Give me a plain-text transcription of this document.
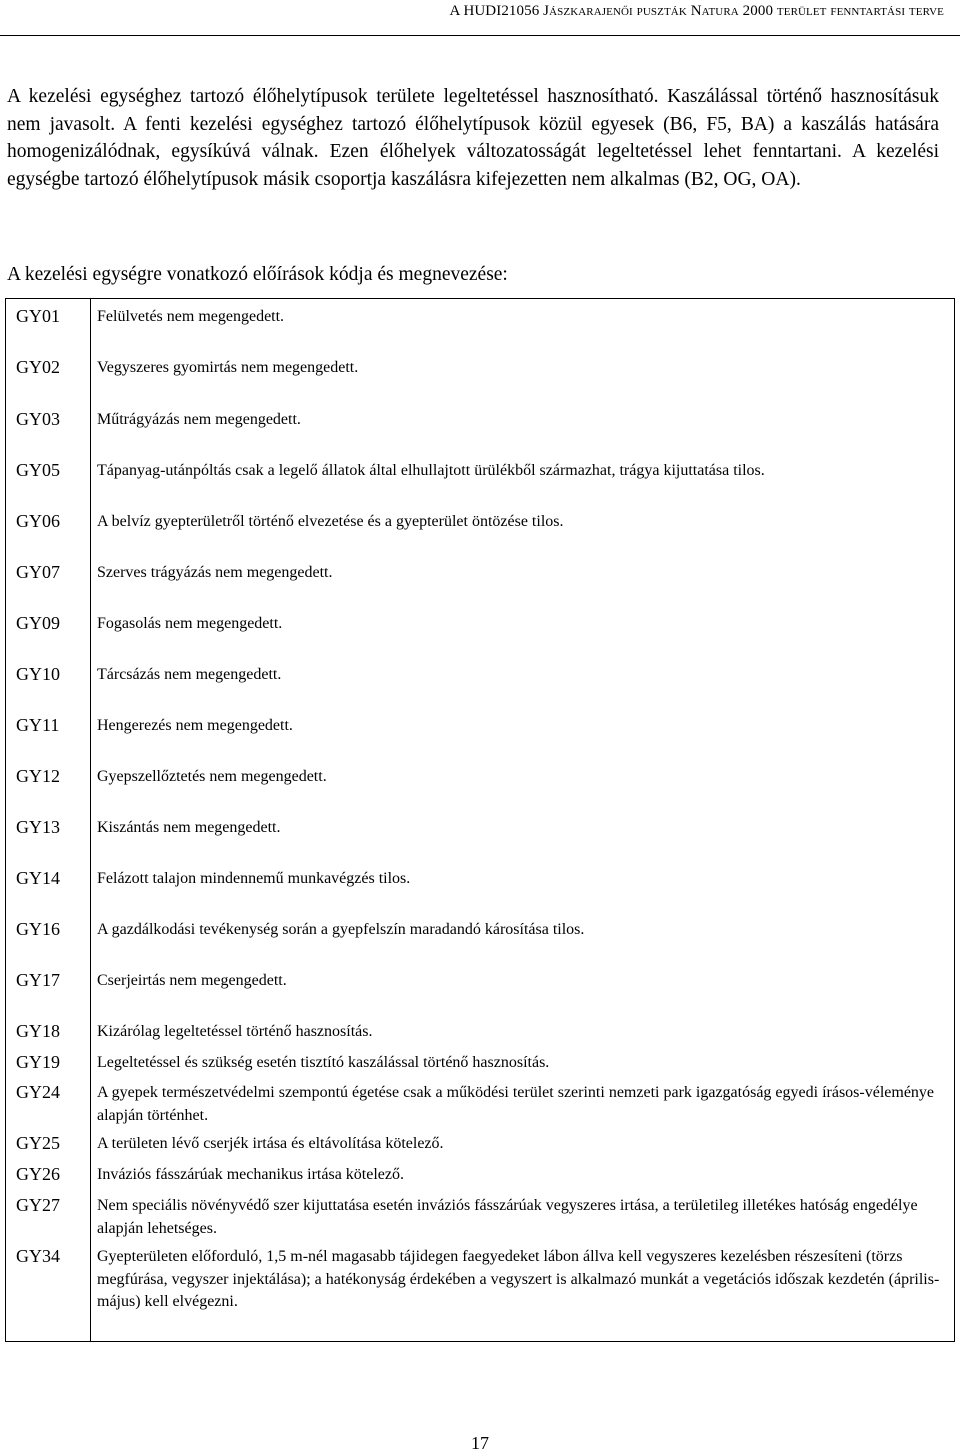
A HUDI21056 Jászkarajenői puszták Natura 2000 terület fenntartási terve

A kezelési egységhez tartozó élőhelytípusok területe legeltetéssel hasznosítható. Kaszálással történő hasznosításuk nem javasolt. A fenti kezelési egységhez tartozó élőhelytípusok közül egyesek (B6, F5, BA) a kaszálás hatására homogenizálódnak, egysíkúvá válnak. Ezen élőhelyek változatosságát legeltetéssel lehet fenntartani. A kezelési egységbe tartozó élőhelytípusok másik csoportja kaszálásra kifejezetten nem alkalmas (B2, OG, OA).

A kezelési egységre vonatkozó előírások kódja és megnevezése:

GY01 Felülvetés nem megengedett.
GY02 Vegyszeres gyomirtás nem megengedett.
GY03 Műtrágyázás nem megengedett.
GY05 Tápanyag-utánpóltás csak a legelő állatok által elhullajtott ürülékből származhat, trágya kijuttatása tilos.
GY06 A belvíz gyepterületről történő elvezetése és a gyepterület öntözése tilos.
GY07 Szerves trágyázás nem megengedett.
GY09 Fogasolás nem megengedett.
GY10 Tárcsázás nem megengedett.
GY11 Hengerezés nem megengedett.
GY12 Gyepszellőztetés nem megengedett.
GY13 Kiszántás nem megengedett.
GY14 Felázott talajon mindennemű munkavégzés tilos.
GY16 A gazdálkodási tevékenység során a gyepfelszín maradandó károsítása tilos.
GY17 Cserjeirtás nem megengedett.
GY18 Kizárólag legeltetéssel történő hasznosítás.
GY19 Legeltetéssel és szükség esetén tisztító kaszálással történő hasznosítás.
GY24 A gyepek természetvédelmi szempontú égetése csak a működési terület szerinti nemzeti park igazgatóság egyedi írásos-véleménye alapján történhet.
GY25 A területen lévő cserjék irtása és eltávolítása kötelező.
GY26 Inváziós fásszárúak mechanikus irtása kötelező.
GY27 Nem speciális növényvédő szer kijuttatása esetén inváziós fásszárúak vegyszeres irtása, a területileg illetékes hatóság engedélye alapján lehetséges.
GY34 Gyepterületen előforduló, 1,5 m-nél magasabb tájidegen faegyedeket lábon állva kell vegyszeres kezelésben részesíteni (törzs megfúrása, vegyszer injektálása); a hatékonyság érdekében a vegyszert is alkalmazó munkát a vegetációs időszak kezdetén (április-május) kell elvégezni.

17
